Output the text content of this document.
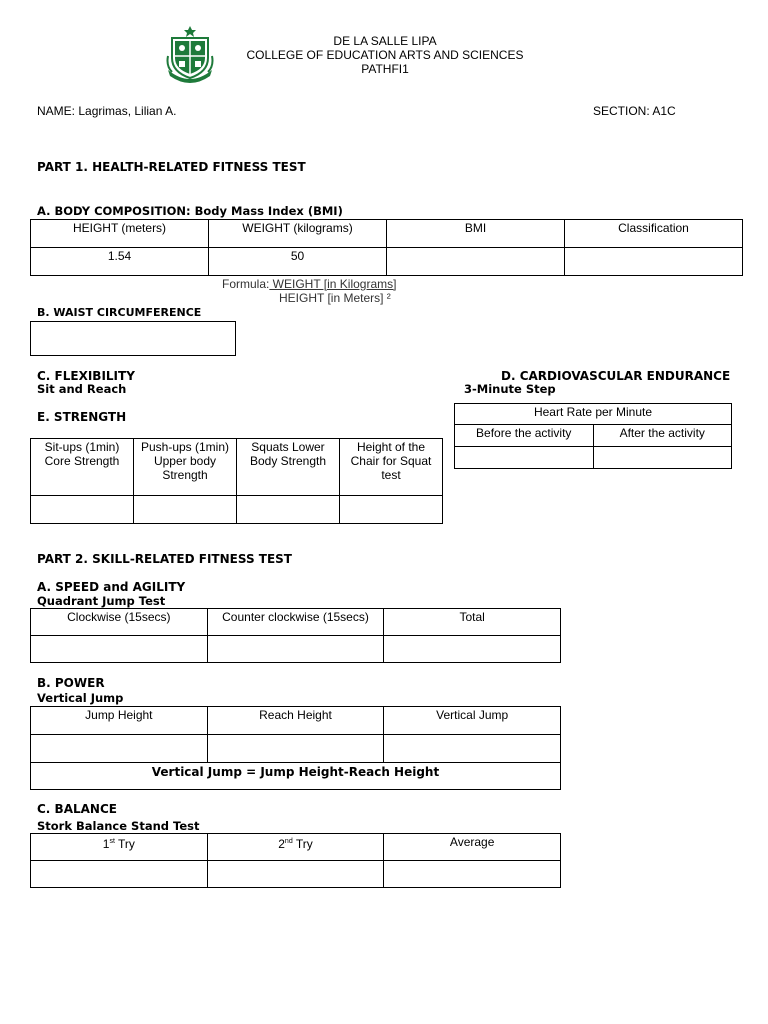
DE LA SALLE LIPA
COLLEGE OF EDUCATION ARTS AND SCIENCES
PATHFI1
NAME: Lagrimas, Lilian A.	SECTION: A1C
PART 1. HEALTH-RELATED FITNESS TEST
A. BODY COMPOSITION: Body Mass Index (BMI)
HEIGHT (meters)	WEIGHT (kilograms)	BMI	Classification
1.54	50		
Formula: WEIGHT [in Kilograms]
HEIGHT [in Meters] ²
B. WAIST CIRCUMFERENCE
C. FLEXIBILITY
Sit and Reach
D. CARDIOVASCULAR ENDURANCE
3-Minute Step
Heart Rate per Minute	
Before the activity	After the activity

E. STRENGTH
Sit-ups (1min) Core Strength	Push-ups (1min) Upper body Strength	Squats Lower Body Strength	Height of the Chair for Squat test

PART 2. SKILL-RELATED FITNESS TEST
A. SPEED and AGILITY
Quadrant Jump Test
Clockwise (15secs)	Counter clockwise (15secs)	Total

B. POWER
Vertical Jump
Jump Height	Reach Height	Vertical Jump

Vertical Jump = Jump Height-Reach Height		
C. BALANCE
Stork Balance Stand Test
1st Try	2nd Try	Average
